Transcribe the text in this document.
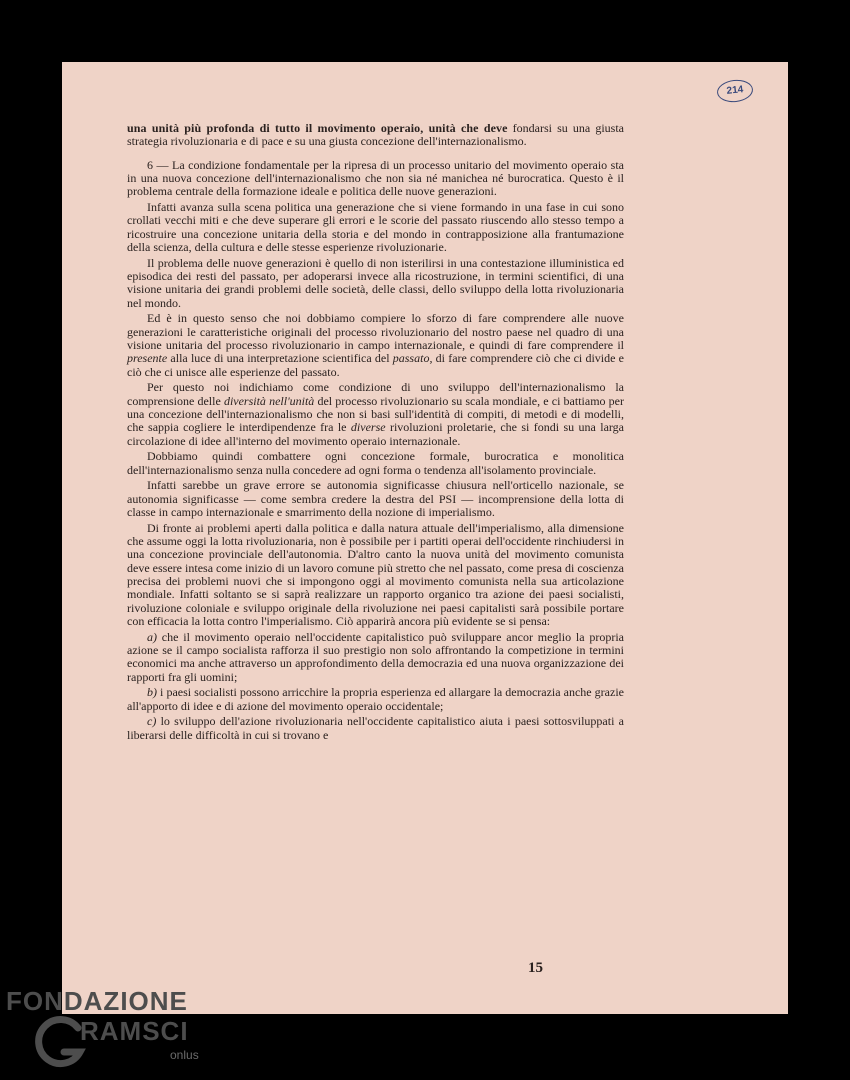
214

una unità più profonda di tutto il movimento operaio, unità che deve fondarsi su una giusta strategia rivoluzionaria e di pace e su una giusta concezione dell'internazionalismo.

6 — La condizione fondamentale per la ripresa di un processo unitario del movimento operaio sta in una nuova concezione dell'internazionalismo che non sia né manichea né burocratica. Questo è il problema centrale della formazione ideale e politica delle nuove generazioni.

Infatti avanza sulla scena politica una generazione che si viene formando in una fase in cui sono crollati vecchi miti e che deve superare gli errori e le scorie del passato riuscendo allo stesso tempo a ricostruire una concezione unitaria della storia e del mondo in contrapposizione alla frantumazione della scienza, della cultura e delle stesse esperienze rivoluzionarie.

Il problema delle nuove generazioni è quello di non isterilirsi in una contestazione illuministica ed episodica dei resti del passato, per adoperarsi invece alla ricostruzione, in termini scientifici, di una visione unitaria dei grandi problemi delle società, delle classi, dello sviluppo della lotta rivoluzionaria nel mondo.

Ed è in questo senso che noi dobbiamo compiere lo sforzo di fare comprendere alle nuove generazioni le caratteristiche originali del processo rivoluzionario del nostro paese nel quadro di una visione unitaria del processo rivoluzionario in campo internazionale, e quindi di fare comprendere il presente alla luce di una interpretazione scientifica del passato, di fare comprendere ciò che ci divide e ciò che ci unisce alle esperienze del passato.

Per questo noi indichiamo come condizione di uno sviluppo dell'internazionalismo la comprensione delle diversità nell'unità del processo rivoluzionario su scala mondiale, e ci battiamo per una concezione dell'internazionalismo che non si basi sull'identità di compiti, di metodi e di modelli, che sappia cogliere le interdipendenze fra le diverse rivoluzioni proletarie, che si fondi su una larga circolazione di idee all'interno del movimento operaio internazionale.

Dobbiamo quindi combattere ogni concezione formale, burocratica e monolitica dell'internazionalismo senza nulla concedere ad ogni forma o tendenza all'isolamento provinciale.

Infatti sarebbe un grave errore se autonomia significasse chiusura nell'orticello nazionale, se autonomia significasse — come sembra credere la destra del PSI — incomprensione della lotta di classe in campo internazionale e smarrimento della nozione di imperialismo.

Di fronte ai problemi aperti dalla politica e dalla natura attuale dell'imperialismo, alla dimensione che assume oggi la lotta rivoluzionaria, non è possibile per i partiti operai dell'occidente rinchiudersi in una concezione provinciale dell'autonomia. D'altro canto la nuova unità del movimento comunista deve essere intesa come inizio di un lavoro comune più stretto che nel passato, come presa di coscienza precisa dei problemi nuovi che si impongono oggi al movimento comunista nella sua articolazione mondiale. Infatti soltanto se si saprà realizzare un rapporto organico tra azione dei paesi socialisti, rivoluzione coloniale e sviluppo originale della rivoluzione nei paesi capitalisti sarà possibile portare con efficacia la lotta contro l'imperialismo. Ciò apparirà ancora più evidente se si pensa:

a) che il movimento operaio nell'occidente capitalistico può sviluppare ancor meglio la propria azione se il campo socialista rafforza il suo prestigio non solo affrontando la competizione in termini economici ma anche attraverso un approfondimento della democrazia ed una nuova organizzazione dei rapporti fra gli uomini;

b) i paesi socialisti possono arricchire la propria esperienza ed allargare la democrazia anche grazie all'apporto di idee e di azione del movimento operaio occidentale;

c) lo sviluppo dell'azione rivoluzionaria nell'occidente capitalistico aiuta i paesi sottosviluppati a liberarsi delle difficoltà in cui si trovano e

15
FONDAZIONE
RAMSCI
onlus
